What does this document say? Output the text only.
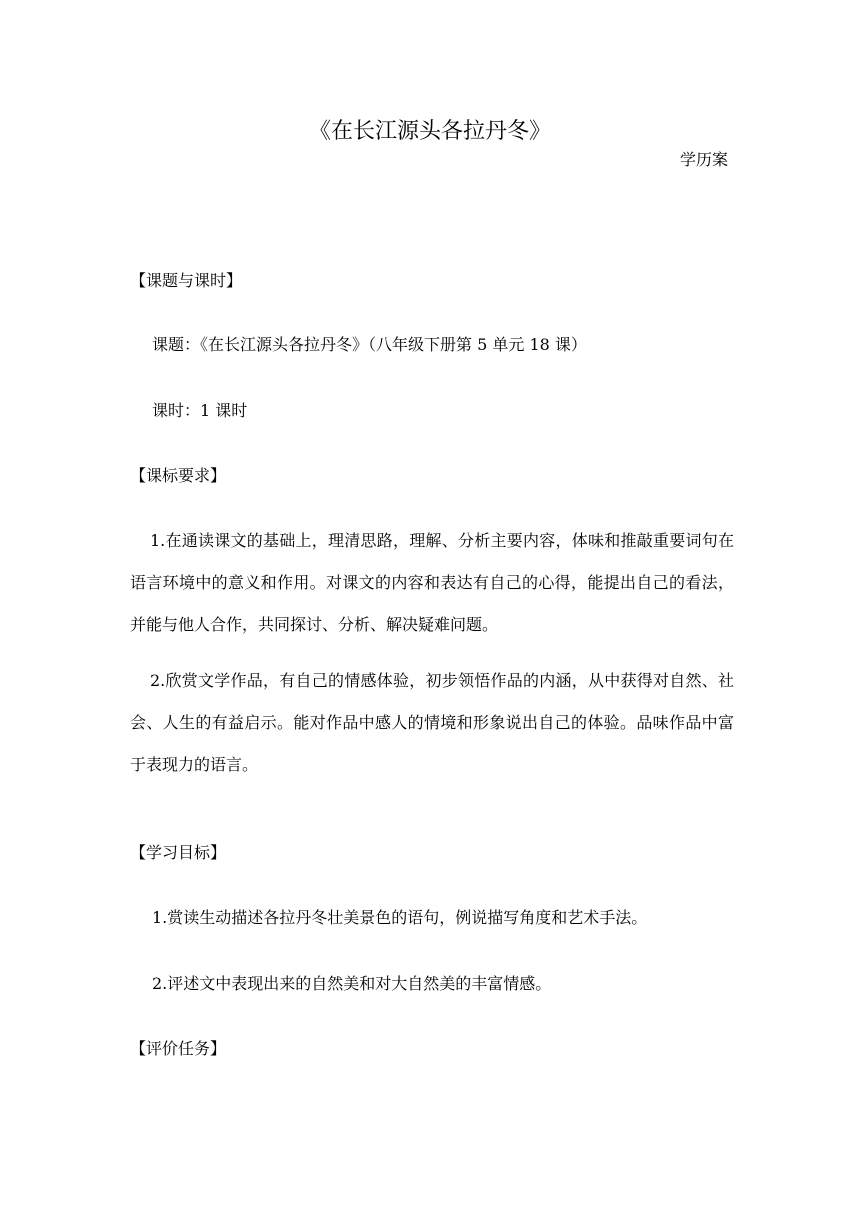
《在长江源头各拉丹冬》
学历案
【课题与课时】
课题：《在长江源头各拉丹冬》（八年级下册第 5 单元 18 课）
课时：1 课时
【课标要求】
1.在通读课文的基础上，理清思路，理解、分析主要内容，体味和推敲重要词句在语言环境中的意义和作用。对课文的内容和表达有自己的心得，能提出自己的看法，并能与他人合作，共同探讨、分析、解决疑难问题。
2.欣赏文学作品，有自己的情感体验，初步领悟作品的内涵，从中获得对自然、社会、人生的有益启示。能对作品中感人的情境和形象说出自己的体验。品味作品中富于表现力的语言。
【学习目标】
1.赏读生动描述各拉丹冬壮美景色的语句，例说描写角度和艺术手法。
2.评述文中表现出来的自然美和对大自然美的丰富情感。
【评价任务】
